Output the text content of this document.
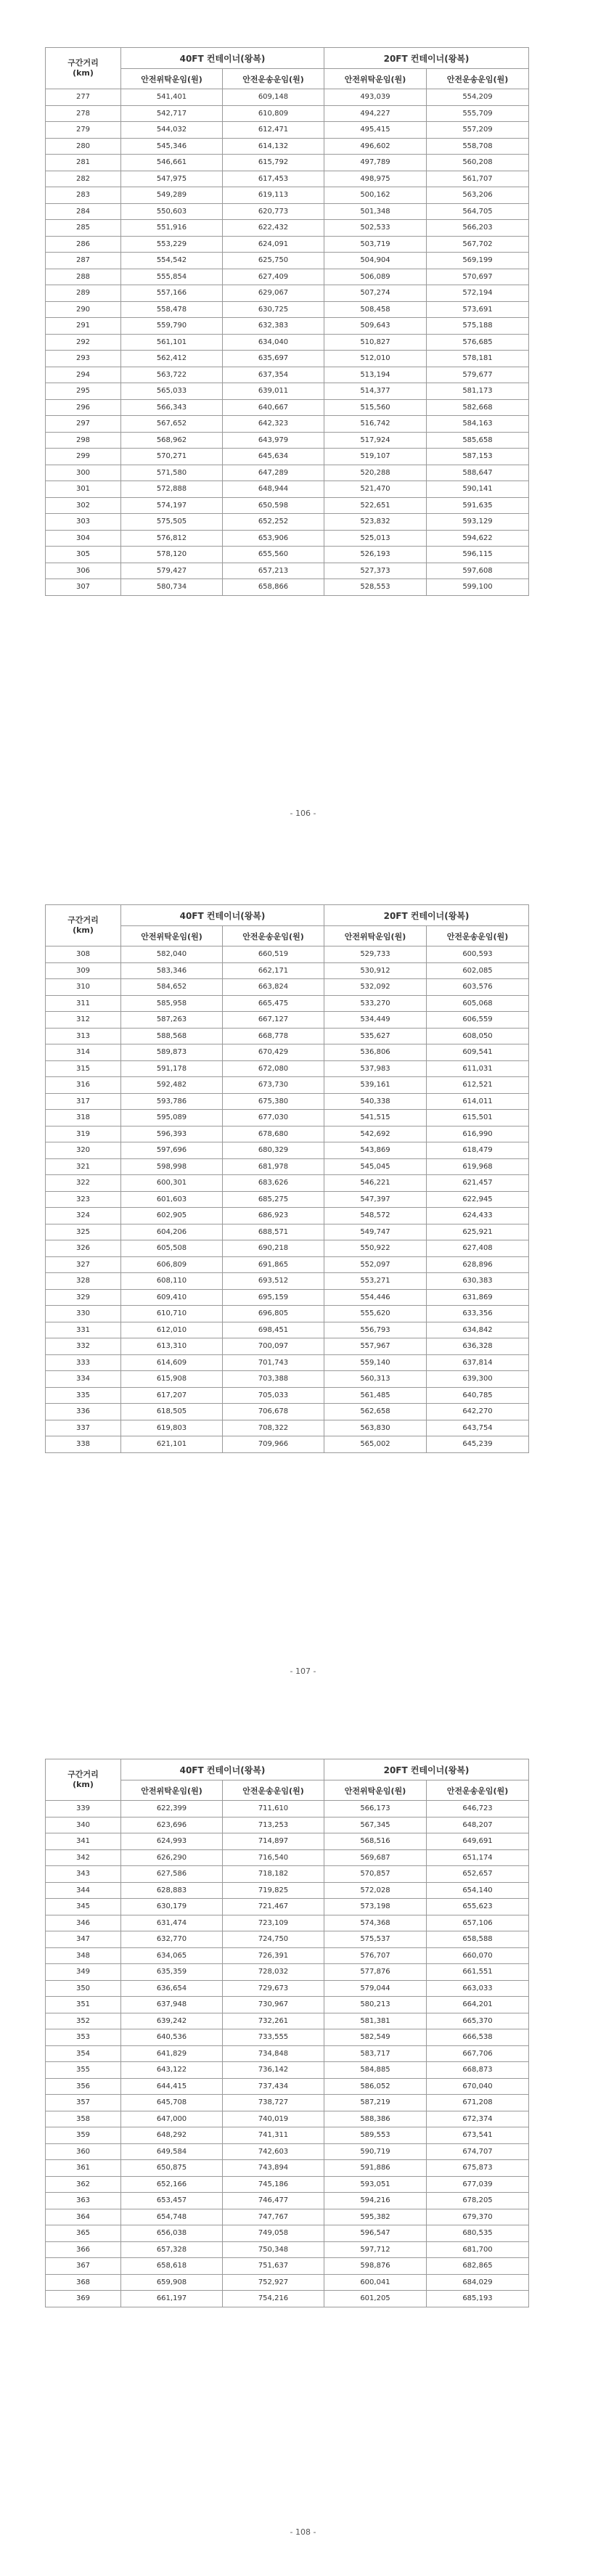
구간거리
(km)	40FT 컨테이너(왕복)		20FT 컨테이너(왕복)	
	안전위탁운임(원)	안전운송운임(원)	안전위탁운임(원)	안전운송운임(원)
277	541,401	609,148	493,039	554,209
278	542,717	610,809	494,227	555,709
279	544,032	612,471	495,415	557,209
280	545,346	614,132	496,602	558,708
281	546,661	615,792	497,789	560,208
282	547,975	617,453	498,975	561,707
283	549,289	619,113	500,162	563,206
284	550,603	620,773	501,348	564,705
285	551,916	622,432	502,533	566,203
286	553,229	624,091	503,719	567,702
287	554,542	625,750	504,904	569,199
288	555,854	627,409	506,089	570,697
289	557,166	629,067	507,274	572,194
290	558,478	630,725	508,458	573,691
291	559,790	632,383	509,643	575,188
292	561,101	634,040	510,827	576,685
293	562,412	635,697	512,010	578,181
294	563,722	637,354	513,194	579,677
295	565,033	639,011	514,377	581,173
296	566,343	640,667	515,560	582,668
297	567,652	642,323	516,742	584,163
298	568,962	643,979	517,924	585,658
299	570,271	645,634	519,107	587,153
300	571,580	647,289	520,288	588,647
301	572,888	648,944	521,470	590,141
302	574,197	650,598	522,651	591,635
303	575,505	652,252	523,832	593,129
304	576,812	653,906	525,013	594,622
305	578,120	655,560	526,193	596,115
306	579,427	657,213	527,373	597,608
307	580,734	658,866	528,553	599,100
- 106 -
구간거리
(km)	40FT 컨테이너(왕복)		20FT 컨테이너(왕복)	
	안전위탁운임(원)	안전운송운임(원)	안전위탁운임(원)	안전운송운임(원)
308	582,040	660,519	529,733	600,593
309	583,346	662,171	530,912	602,085
310	584,652	663,824	532,092	603,576
311	585,958	665,475	533,270	605,068
312	587,263	667,127	534,449	606,559
313	588,568	668,778	535,627	608,050
314	589,873	670,429	536,806	609,541
315	591,178	672,080	537,983	611,031
316	592,482	673,730	539,161	612,521
317	593,786	675,380	540,338	614,011
318	595,089	677,030	541,515	615,501
319	596,393	678,680	542,692	616,990
320	597,696	680,329	543,869	618,479
321	598,998	681,978	545,045	619,968
322	600,301	683,626	546,221	621,457
323	601,603	685,275	547,397	622,945
324	602,905	686,923	548,572	624,433
325	604,206	688,571	549,747	625,921
326	605,508	690,218	550,922	627,408
327	606,809	691,865	552,097	628,896
328	608,110	693,512	553,271	630,383
329	609,410	695,159	554,446	631,869
330	610,710	696,805	555,620	633,356
331	612,010	698,451	556,793	634,842
332	613,310	700,097	557,967	636,328
333	614,609	701,743	559,140	637,814
334	615,908	703,388	560,313	639,300
335	617,207	705,033	561,485	640,785
336	618,505	706,678	562,658	642,270
337	619,803	708,322	563,830	643,754
338	621,101	709,966	565,002	645,239
- 107 -
구간거리
(km)	40FT 컨테이너(왕복)		20FT 컨테이너(왕복)	
	안전위탁운임(원)	안전운송운임(원)	안전위탁운임(원)	안전운송운임(원)
339	622,399	711,610	566,173	646,723
340	623,696	713,253	567,345	648,207
341	624,993	714,897	568,516	649,691
342	626,290	716,540	569,687	651,174
343	627,586	718,182	570,857	652,657
344	628,883	719,825	572,028	654,140
345	630,179	721,467	573,198	655,623
346	631,474	723,109	574,368	657,106
347	632,770	724,750	575,537	658,588
348	634,065	726,391	576,707	660,070
349	635,359	728,032	577,876	661,551
350	636,654	729,673	579,044	663,033
351	637,948	730,967	580,213	664,201
352	639,242	732,261	581,381	665,370
353	640,536	733,555	582,549	666,538
354	641,829	734,848	583,717	667,706
355	643,122	736,142	584,885	668,873
356	644,415	737,434	586,052	670,040
357	645,708	738,727	587,219	671,208
358	647,000	740,019	588,386	672,374
359	648,292	741,311	589,553	673,541
360	649,584	742,603	590,719	674,707
361	650,875	743,894	591,886	675,873
362	652,166	745,186	593,051	677,039
363	653,457	746,477	594,216	678,205
364	654,748	747,767	595,382	679,370
365	656,038	749,058	596,547	680,535
366	657,328	750,348	597,712	681,700
367	658,618	751,637	598,876	682,865
368	659,908	752,927	600,041	684,029
369	661,197	754,216	601,205	685,193
- 108 -
